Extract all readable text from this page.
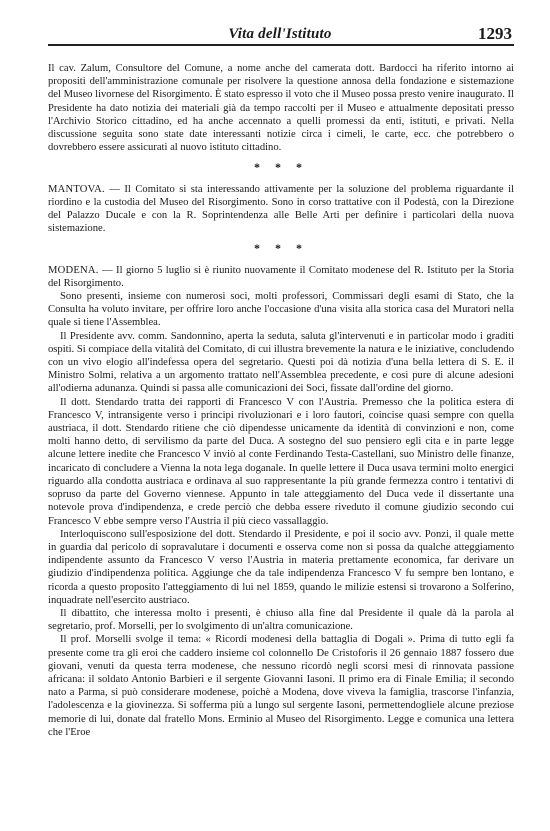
Vita dell'Istituto	1293

Il cav. Zalum, Consultore del Comune, a nome anche del camerata dott. Bardocci ha riferito intorno ai propositi dell'amministrazione comunale per risolvere la questione annosa della fondazione e sistemazione del Museo livornese del Risorgimento. È stato espresso il voto che il Museo possa presto venire inaugurato. Il Presidente ha dato notizia dei materiali già da tempo raccolti per il Museo e attualmente depositati presso l'Archivio Storico cittadino, ed ha anche accennato a quelli promessi da enti, istituti, e privati. Nella discussione seguita sono state date interessanti notizie circa i cimeli, le carte, ecc. che potrebbero o dovrebbero essere assicurati al nuovo istituto cittadino.

* * *

MANTOVA. — Il Comitato si sta interessando attivamente per la soluzione del problema riguardante il riordino e la custodia del Museo del Risorgimento. Sono in corso trattative con il Podestà, con la Direzione del Palazzo Ducale e con la R. Soprintendenza alle Belle Arti per definire i particolari della nuova sistemazione.

* * *

MODENA. — Il giorno 5 luglio si è riunito nuovamente il Comitato modenese del R. Istituto per la Storia del Risorgimento.

Sono presenti, insieme con numerosi soci, molti professori, Commissari degli esami di Stato, che la Consulta ha voluto invitare, per offrire loro anche l'occasione d'una visita alla storica casa del Muratori nella quale si tiene l'Assemblea.

Il Presidente avv. comm. Sandonnino, aperta la seduta, saluta gl'intervenuti e in particolar modo i graditi ospiti. Si compiace della vitalità del Comitato, di cui illustra brevemente la natura e le iniziative, concludendo con un vivo elogio all'indefessa opera del segretario. Questi poi dà notizia d'una bella lettera di S. E. il Ministro Solmi, relativa a un argomento trattato nell'Assemblea precedente, e così pure di alcune adesioni all'odierna adunanza. Quindi si passa alle comunicazioni dei Soci, fissate dall'ordine del giorno.

Il dott. Stendardo tratta dei rapporti di Francesco V con l'Austria. Premesso che la politica estera di Francesco V, intransigente verso i principi rivoluzionari e i loro fautori, coincise quasi sempre con quella austriaca, il dott. Stendardo ritiene che ciò dipendesse unicamente da identità di convinzioni e non, come molti hanno detto, di servilismo da parte del Duca. A sostegno del suo pensiero egli cita e in parte legge alcune lettere inedite che Francesco V inviò al conte Ferdinando Testa-Castellani, suo Ministro delle finanze, incaricato di concludere a Vienna la nota lega doganale. In quelle lettere il Duca usava termini molto energici riguardo alla condotta austriaca e ordinava al suo rappresentante la più grande fermezza contro i tentativi di sopruso da parte del Governo viennese. Appunto in tale atteggiamento del Duca vede il dissertante una notevole prova d'indipendenza, e crede perciò che debba essere riveduto il comune giudizio secondo cui Francesco V ebbe sempre verso l'Austria il più cieco vassallaggio.

Interloquiscono sull'esposizione del dott. Stendardo il Presidente, e poi il socio avv. Ponzi, il quale mette in guardia dal pericolo di sopravalutare i documenti e osserva come non si possa da qualche atteggiamento indipendente assunto da Francesco V verso l'Austria in materia prettamente economica, far derivare un giudizio d'indipendenza politica. Aggiunge che da tale indipendenza Francesco V fu sempre ben lontano, e ricorda a questo proposito l'atteggiamento di lui nel 1859, quando le milizie estensi si trovarono a Solferino, inquadrate nell'esercito austriaco.

Il dibattito, che interessa molto i presenti, è chiuso alla fine dal Presidente il quale dà la parola al segretario, prof. Morselli, per lo svolgimento di un'altra comunicazione.

Il prof. Morselli svolge il tema: « Ricordi modenesi della battaglia di Dogali ». Prima di tutto egli fa presente come tra gli eroi che caddero insieme col colonnello De Cristoforis il 26 gennaio 1887 fossero due giovani, venuti da questa terra modenese, che nessuno ricordò negli scorsi mesi di rinnovata passione africana: il soldato Antonio Barbieri e il sergente Giovanni Iasoni. Il primo era di Finale Emilia; il secondo nato a Parma, si può considerare modenese, poichè a Modena, dove viveva la famiglia, trascorse l'infanzia, l'adolescenza e la giovinezza. Si sofferma più a lungo sul sergente Iasoni, permettendogliele alcune preziose memorie di lui, donate dal fratello Mons. Erminio al Museo del Risorgimento. Legge e comunica una lettera che l'Eroe
